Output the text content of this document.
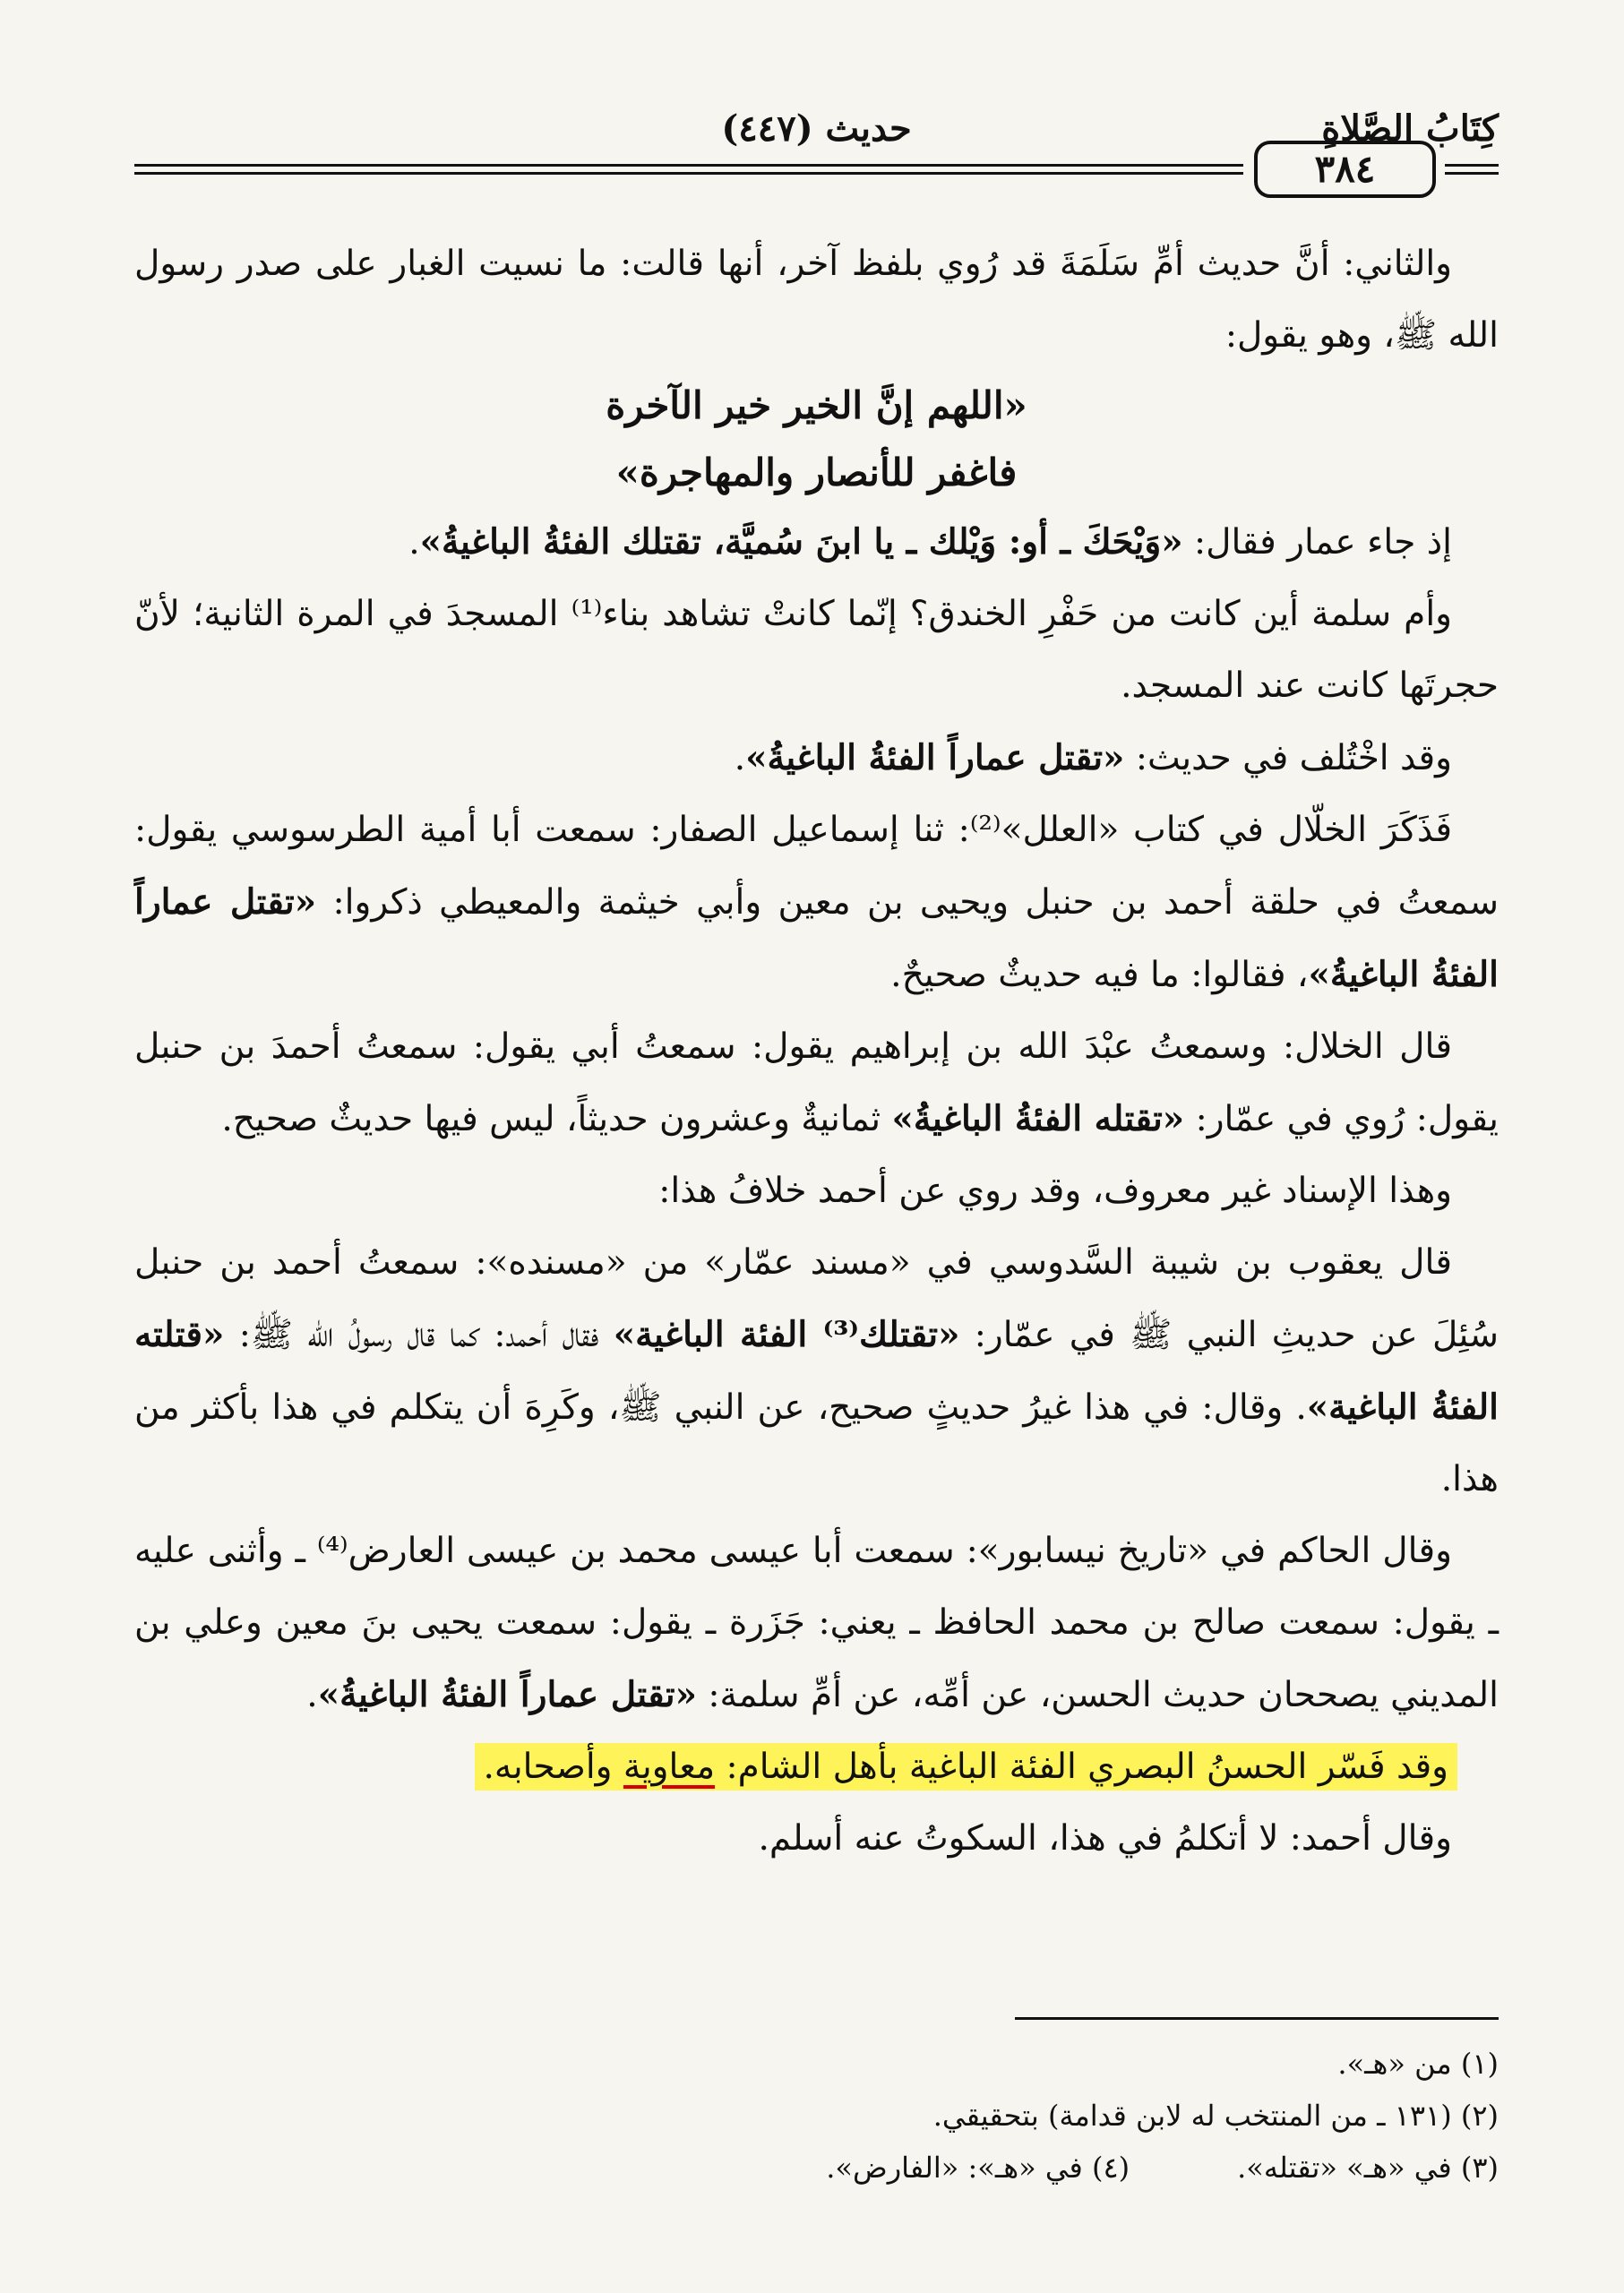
كِتَابُ الصَّلاةِ
حديث (٤٤٧)
٣٨٤

والثاني: أنَّ حديث أمِّ سَلَمَةَ قد رُوي بلفظ آخر، أنها قالت: ما نسيت الغبار على صدر رسول الله ﷺ، وهو يقول:

«اللهم إنَّ الخير خير الآخرة

فاغفر للأنصار والمهاجرة»

إذ جاء عمار فقال: «وَيْحَكَ ـ أو: وَيْلك ـ يا ابنَ سُميَّة، تقتلك الفئةُ الباغيةُ».

وأم سلمة أين كانت من حَفْرِ الخندق؟ إنّما كانتْ تشاهد بناء⁽¹⁾ المسجدَ في المرة الثانية؛ لأنّ حجرتَها كانت عند المسجد.

وقد اخْتُلف في حديث: «تقتل عماراً الفئةُ الباغيةُ».

فَذَكَرَ الخلّال في كتاب «العلل»⁽²⁾: ثنا إسماعيل الصفار: سمعت أبا أمية الطرسوسي يقول: سمعتُ في حلقة أحمد بن حنبل ويحيى بن معين وأبي خيثمة والمعيطي ذكروا: «تقتل عماراً الفئةُ الباغيةُ»، فقالوا: ما فيه حديثٌ صحيحٌ.

قال الخلال: وسمعتُ عبْدَ الله بن إبراهيم يقول: سمعتُ أبي يقول: سمعتُ أحمدَ بن حنبل يقول: رُوي في عمّار: «تقتله الفئةُ الباغيةُ» ثمانيةٌ وعشرون حديثاً، ليس فيها حديثٌ صحيح.

وهذا الإسناد غير معروف، وقد روي عن أحمد خلافُ هذا:

قال يعقوب بن شيبة السَّدوسي في «مسند عمّار» من «مسنده»: سمعتُ أحمد بن حنبل سُئِلَ عن حديثِ النبي ﷺ في عمّار: «تقتلك⁽³⁾ الفئة الباغية» فقال أحمد: كما قال رسولُ الله ﷺ: «قتلته الفئةُ الباغية». وقال: في هذا غيرُ حديثٍ صحيح، عن النبي ﷺ، وكَرِهَ أن يتكلم في هذا بأكثر من هذا.

وقال الحاكم في «تاريخ نيسابور»: سمعت أبا عيسى محمد بن عيسى العارض⁽⁴⁾ ـ وأثنى عليه ـ يقول: سمعت صالح بن محمد الحافظ ـ يعني: جَزَرة ـ يقول: سمعت يحيى بنَ معين وعلي بن المديني يصححان حديث الحسن، عن أمِّه، عن أمِّ سلمة: «تقتل عماراً الفئةُ الباغيةُ».

وقد فَسّر الحسنُ البصري الفئة الباغية بأهل الشام: معاوية وأصحابه.

وقال أحمد: لا أتكلمُ في هذا، السكوتُ عنه أسلم.

(١) من «هـ».
(٢) (١٣١ ـ من المنتخب له لابن قدامة) بتحقيقي.
(٣) في «هـ» «تقتله».
(٤) في «هـ»: «الفارض».
